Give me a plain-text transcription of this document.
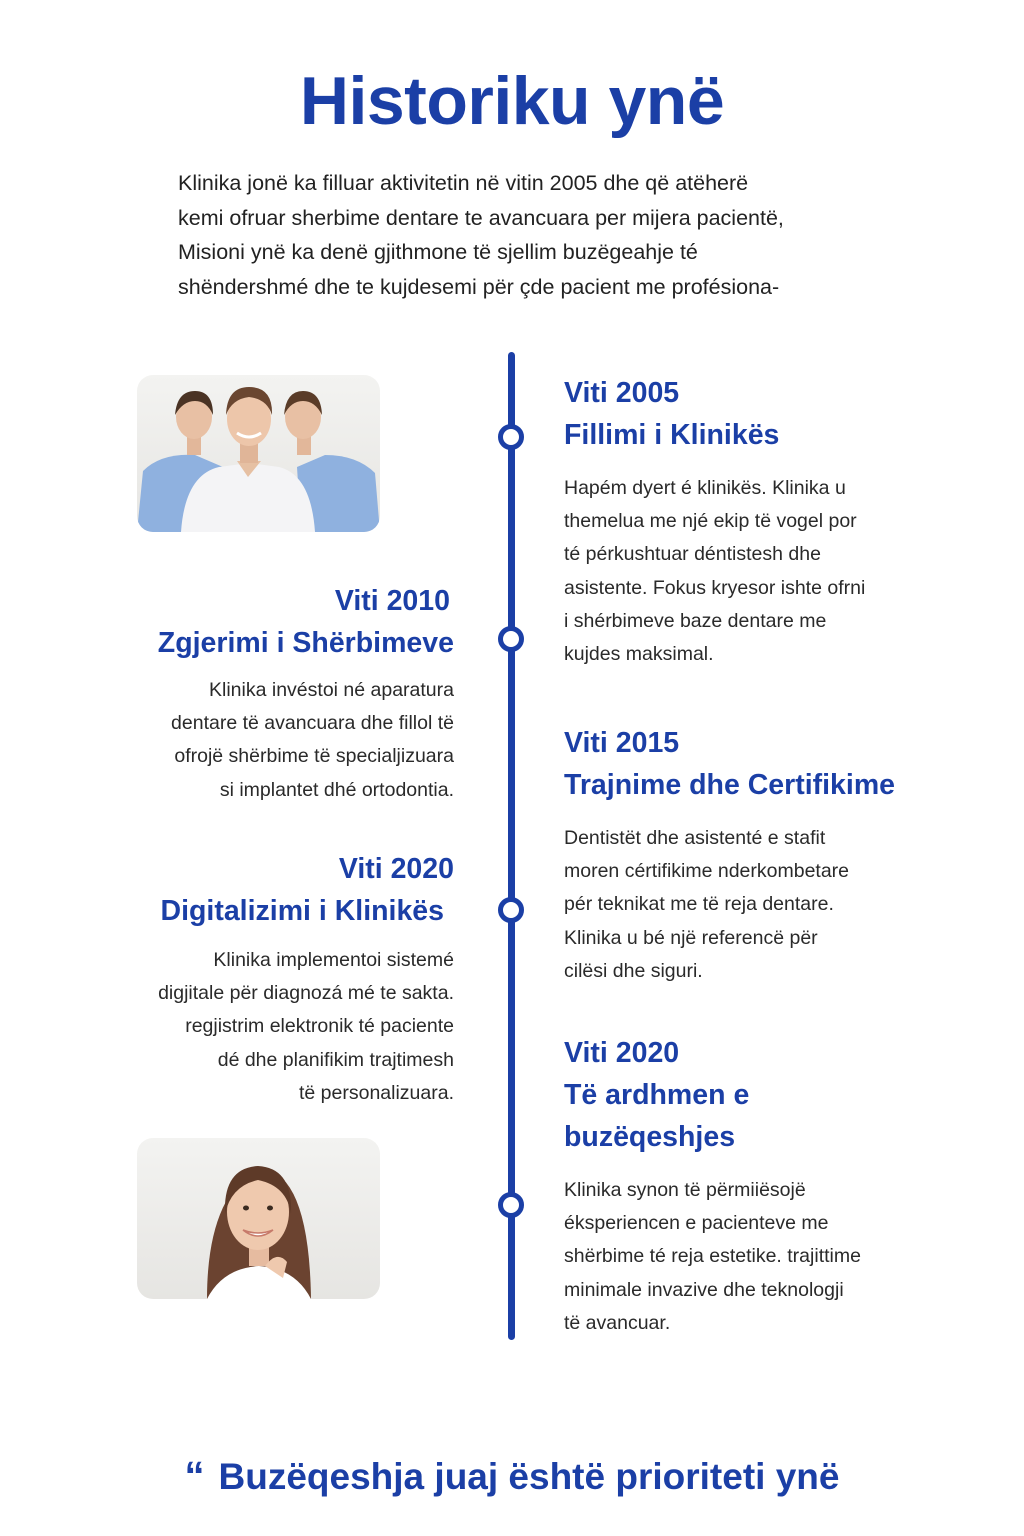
Historiku ynë

Klinika jonë ka filluar aktivitetin në vitin 2005 dhe që atëherë

kemi ofruar sherbime dentare te avancuara per mijera pacientë,

Misioni ynë ka denë gjithmone të sjellim buzëgeahje té

shëndershmé dhe te kujdesemi për çde pacient me profésiona-

Viti 2005
Fillimi i Klinikës

Hapém dyert é klinikës. Klinika u

themelua me njé ekip të vogel por

té pérkushtuar déntistesh dhe

asistente. Fokus kryesor ishte ofrni

i shérbimeve baze dentare me

kujdes maksimal.

Viti 2010
Zgjerimi i Shërbimeve

Klinika invéstoi né aparatura

dentare të avancuara dhe fillol të

ofrojë shërbime të specialjizuara

si implantet dhé ortodontia.

Viti 2015
Trajnime dhe Certifikime

Dentistët dhe asistenté e stafit

moren cértifikime nderkombetare

pér teknikat me të reja dentare.

Klinika u bé një referencë për

cilësi dhe siguri.

Viti 2020
Digitalizimi i Klinikës

Klinika implementoi sistemé

digjitale për diagnozá mé te sakta.

regjistrim elektronik té paciente

dé dhe planifikim trajtimesh

të personalizuara.

Viti 2020
Të ardhmen e
buzëqeshjes

Klinika synon të përmiiësojë

éksperiencen e pacienteve me

shërbime té reja estetike. trajittime

minimale invazive dhe teknologji

të avancuar.

“ Buzëqeshja juaj është prioriteti ynë
